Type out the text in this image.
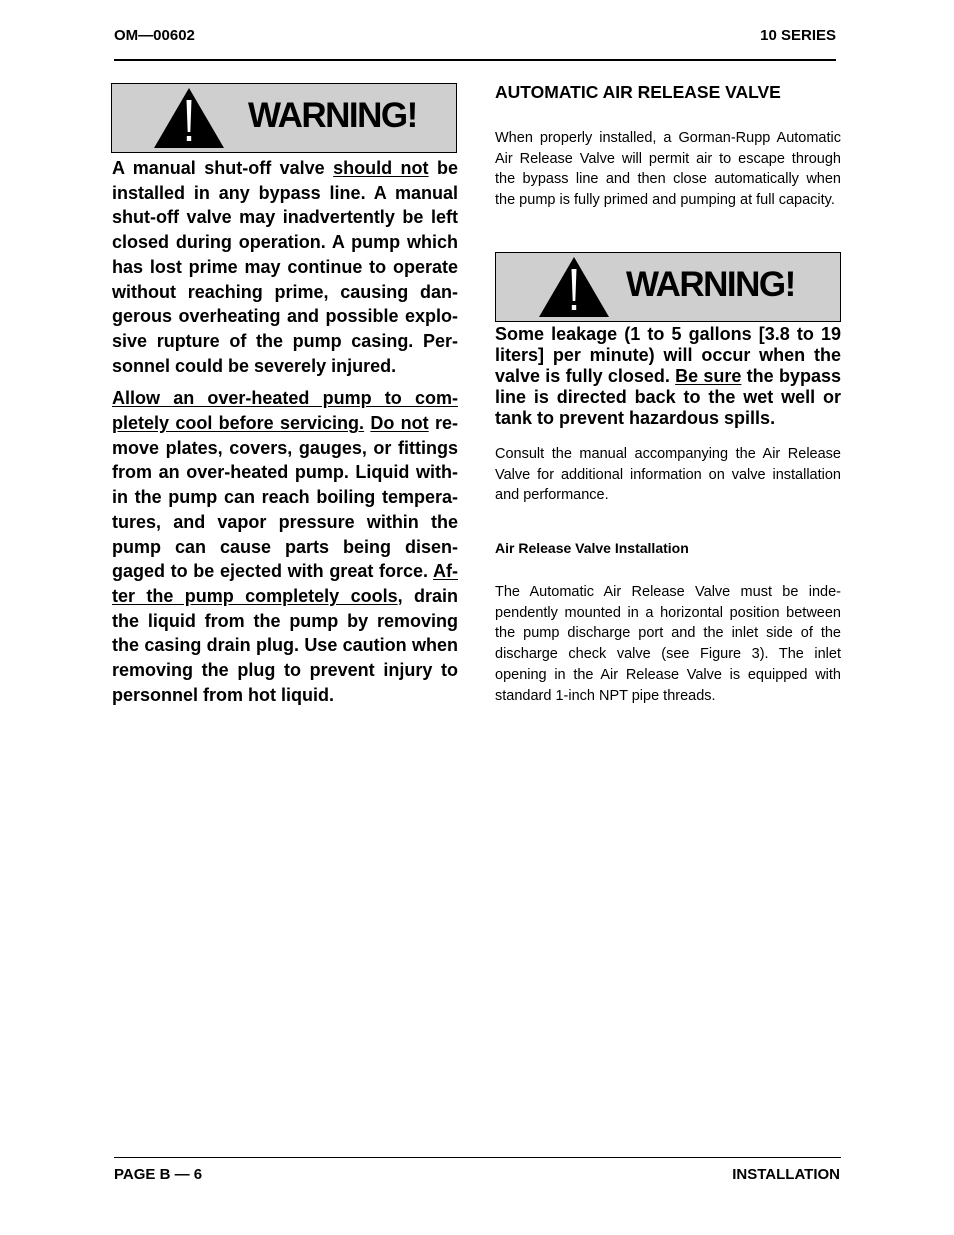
OM—00602	10 SERIES
WARNING!

A manual shut-off valve should not be installed in any bypass line. A manual shut-off valve may inadvertently be left closed during operation. A pump which has lost prime may continue to operate without reaching prime, causing dangerous overheating and possible explosive rupture of the pump casing. Personnel could be severely injured.

Allow an over-heated pump to completely cool before servicing. Do not remove plates, covers, gauges, or fittings from an over-heated pump. Liquid within the pump can reach boiling temperatures, and vapor pressure within the pump can cause parts being disengaged to be ejected with great force. After the pump completely cools, drain the liquid from the pump by removing the casing drain plug. Use caution when removing the plug to prevent injury to personnel from hot liquid.

AUTOMATIC AIR RELEASE VALVE

When properly installed, a Gorman-Rupp Automatic Air Release Valve will permit air to escape through the bypass line and then close automatically when the pump is fully primed and pumping at full capacity.

WARNING!

Some leakage (1 to 5 gallons [3.8 to 19 liters] per minute) will occur when the valve is fully closed. Be sure the bypass line is directed back to the wet well or tank to prevent hazardous spills.

Consult the manual accompanying the Air Release Valve for additional information on valve installation and performance.

Air Release Valve Installation

The Automatic Air Release Valve must be independently mounted in a horizontal position between the pump discharge port and the inlet side of the discharge check valve (see Figure 3). The inlet opening in the Air Release Valve is equipped with standard 1-inch NPT pipe threads.

PAGE B — 6	INSTALLATION
